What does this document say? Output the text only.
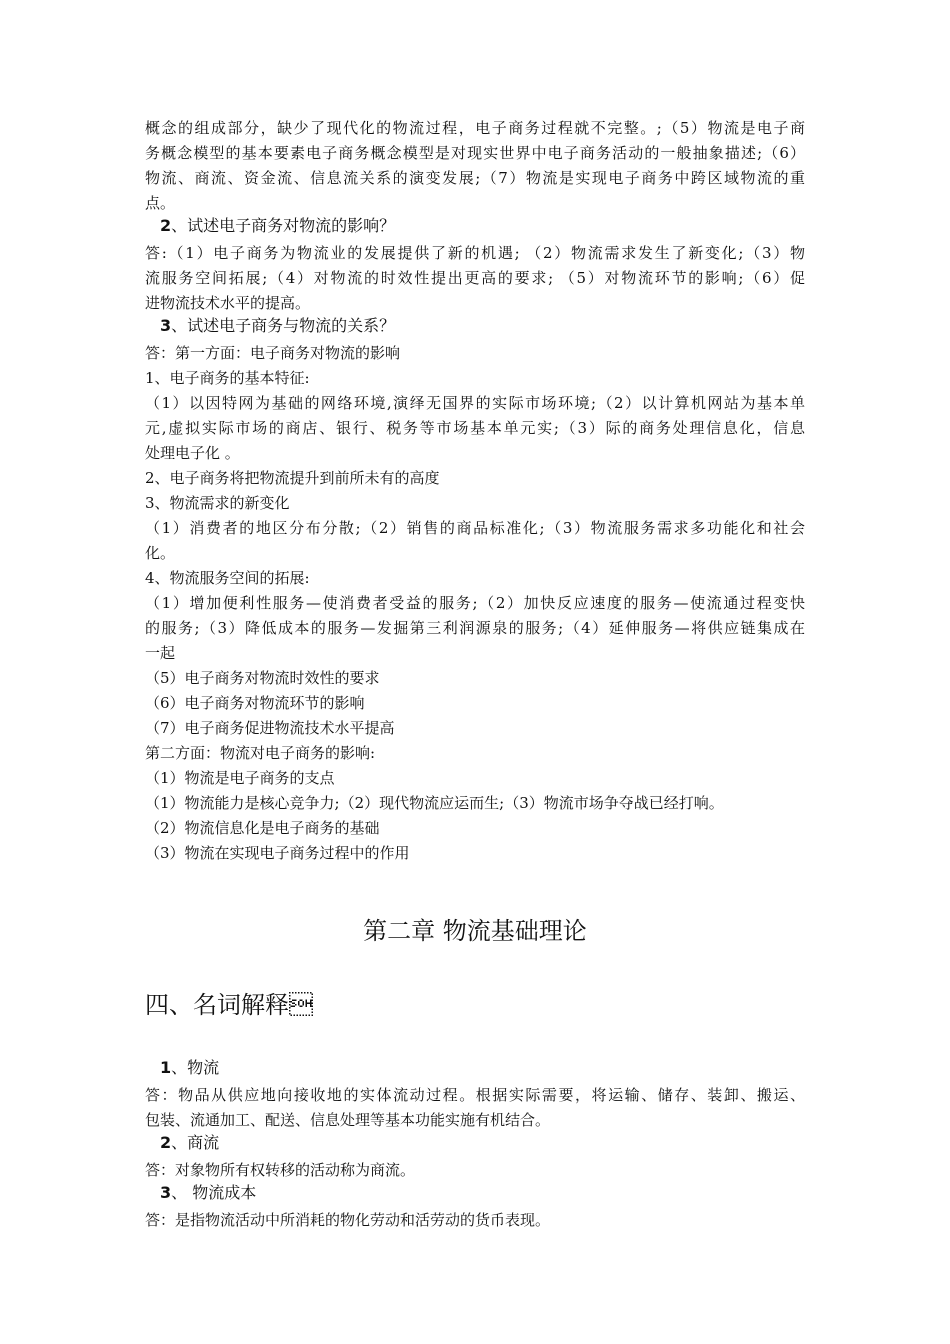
概念的组成部分，缺少了现代化的物流过程，电子商务过程就不完整。;（5）物流是电子商
务概念模型的基本要素电子商务概念模型是对现实世界中电子商务活动的一般抽象描述;（6）
物流、商流、资金流、信息流关系的演变发展;（7）物流是实现电子商务中跨区域物流的重
点。
2、试述电子商务对物流的影响？
答:（1）电子商务为物流业的发展提供了新的机遇; （2）物流需求发生了新变化;（3）物
流服务空间拓展;（4）对物流的时效性提出更高的要求; （5）对物流环节的影响;（6）促
进物流技术水平的提高。
3、试述电子商务与物流的关系？
答：第一方面：电子商务对物流的影响
1、电子商务的基本特征:
（1）以因特网为基础的网络环境,演绎无国界的实际市场环境;（2）以计算机网站为基本单
元,虚拟实际市场的商店、银行、税务等市场基本单元实;（3）际的商务处理信息化，信息
处理电子化 。
2、电子商务将把物流提升到前所未有的高度
3、物流需求的新变化
（1）消费者的地区分布分散;（2）销售的商品标准化;（3）物流服务需求多功能化和社会
化。
4、物流服务空间的拓展:
（1）增加便利性服务—使消费者受益的服务;（2）加快反应速度的服务—使流通过程变快
的服务;（3）降低成本的服务—发掘第三利润源泉的服务;（4）延伸服务—将供应链集成在
一起
（5）电子商务对物流时效性的要求
（6）电子商务对物流环节的影响
（7）电子商务促进物流技术水平提高
第二方面：物流对电子商务的影响:
（1）物流是电子商务的支点
（1）物流能力是核心竞争力;（2）现代物流应运而生;（3）物流市场争夺战已经打响。
（2）物流信息化是电子商务的基础
（3）物流在实现电子商务过程中的作用
第二章 物流基础理论
四、名词解释
1、物流
答：物品从供应地向接收地的实体流动过程。根据实际需要，将运输、储存、装卸、搬运、
包装、流通加工、配送、信息处理等基本功能实施有机结合。
2、商流
答：对象物所有权转移的活动称为商流。
3、 物流成本
答：是指物流活动中所消耗的物化劳动和活劳动的货币表现。
